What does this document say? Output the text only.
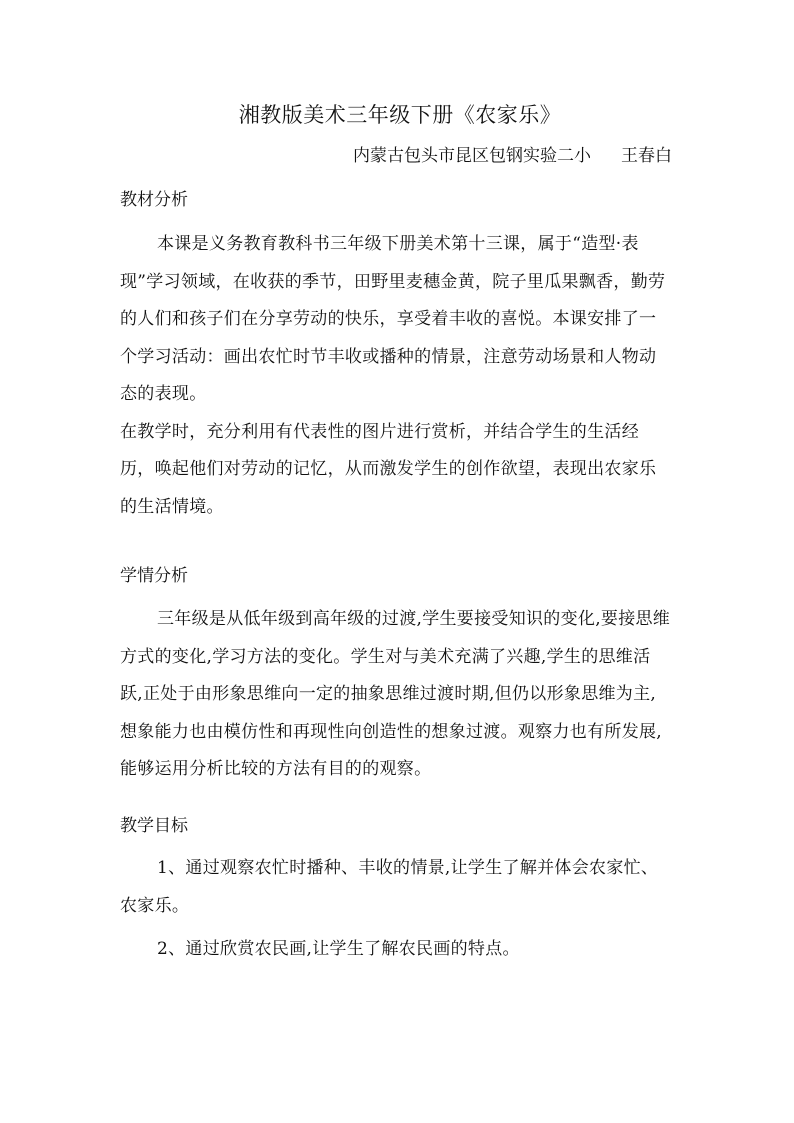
湘教版美术三年级下册《农家乐》
内蒙古包头市昆区包钢实验二小 王春白
教材分析

本课是义务教育教科书三年级下册美术第十三课，属于“造型·表现”学习领域，在收获的季节，田野里麦穗金黄，院子里瓜果飘香，勤劳的人们和孩子们在分享劳动的快乐，享受着丰收的喜悦。本课安排了一个学习活动：画出农忙时节丰收或播种的情景，注意劳动场景和人物动态的表现。

在教学时，充分利用有代表性的图片进行赏析，并结合学生的生活经历，唤起他们对劳动的记忆，从而激发学生的创作欲望，表现出农家乐的生活情境。

学情分析

三年级是从低年级到高年级的过渡,学生要接受知识的变化,要接思维方式的变化,学习方法的变化。学生对与美术充满了兴趣,学生的思维活跃,正处于由形象思维向一定的抽象思维过渡时期,但仍以形象思维为主,想象能力也由模仿性和再现性向创造性的想象过渡。观察力也有所发展,能够运用分析比较的方法有目的的观察。

教学目标

1、通过观察农忙时播种、丰收的情景,让学生了解并体会农家忙、农家乐。

2、通过欣赏农民画,让学生了解农民画的特点。
